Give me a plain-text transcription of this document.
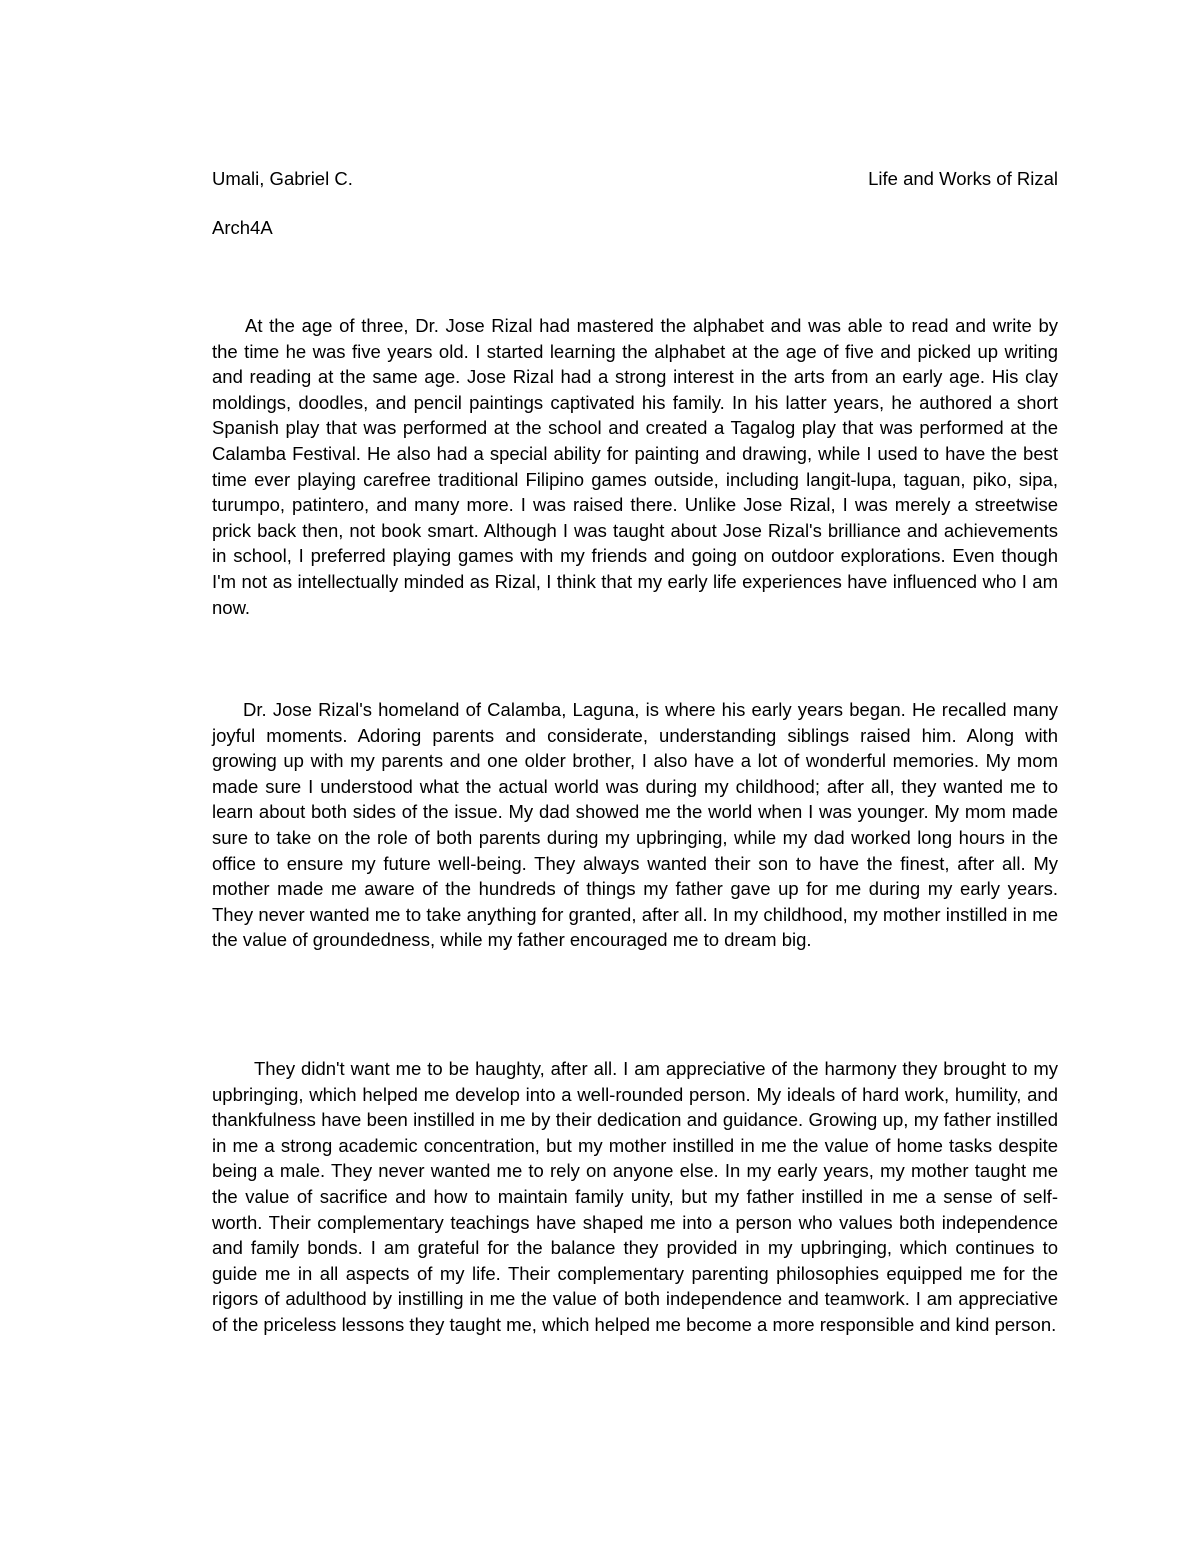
Umali, Gabriel C.	Life and Works of Rizal
Arch4A

At the age of three, Dr. Jose Rizal had mastered the alphabet and was able to read and write by the time he was five years old. I started learning the alphabet at the age of five and picked up writing and reading at the same age. Jose Rizal had a strong interest in the arts from an early age. His clay moldings, doodles, and pencil paintings captivated his family. In his latter years, he authored a short Spanish play that was performed at the school and created a Tagalog play that was performed at the Calamba Festival. He also had a special ability for painting and drawing, while I used to have the best time ever playing carefree traditional Filipino games outside, including langit-lupa, taguan, piko, sipa, turumpo, patintero, and many more. I was raised there. Unlike Jose Rizal, I was merely a streetwise prick back then, not book smart. Although I was taught about Jose Rizal's brilliance and achievements in school, I preferred playing games with my friends and going on outdoor explorations. Even though I'm not as intellectually minded as Rizal, I think that my early life experiences have influenced who I am now.

Dr. Jose Rizal's homeland of Calamba, Laguna, is where his early years began. He recalled many joyful moments. Adoring parents and considerate, understanding siblings raised him. Along with growing up with my parents and one older brother, I also have a lot of wonderful memories. My mom made sure I understood what the actual world was during my childhood; after all, they wanted me to learn about both sides of the issue. My dad showed me the world when I was younger. My mom made sure to take on the role of both parents during my upbringing, while my dad worked long hours in the office to ensure my future well-being. They always wanted their son to have the finest, after all. My mother made me aware of the hundreds of things my father gave up for me during my early years. They never wanted me to take anything for granted, after all. In my childhood, my mother instilled in me the value of groundedness, while my father encouraged me to dream big.

They didn't want me to be haughty, after all. I am appreciative of the harmony they brought to my upbringing, which helped me develop into a well-rounded person. My ideals of hard work, humility, and thankfulness have been instilled in me by their dedication and guidance. Growing up, my father instilled in me a strong academic concentration, but my mother instilled in me the value of home tasks despite being a male. They never wanted me to rely on anyone else. In my early years, my mother taught me the value of sacrifice and how to maintain family unity, but my father instilled in me a sense of self-worth. Their complementary teachings have shaped me into a person who values both independence and family bonds. I am grateful for the balance they provided in my upbringing, which continues to guide me in all aspects of my life. Their complementary parenting philosophies equipped me for the rigors of adulthood by instilling in me the value of both independence and teamwork. I am appreciative of the priceless lessons they taught me, which helped me become a more responsible and kind person.
